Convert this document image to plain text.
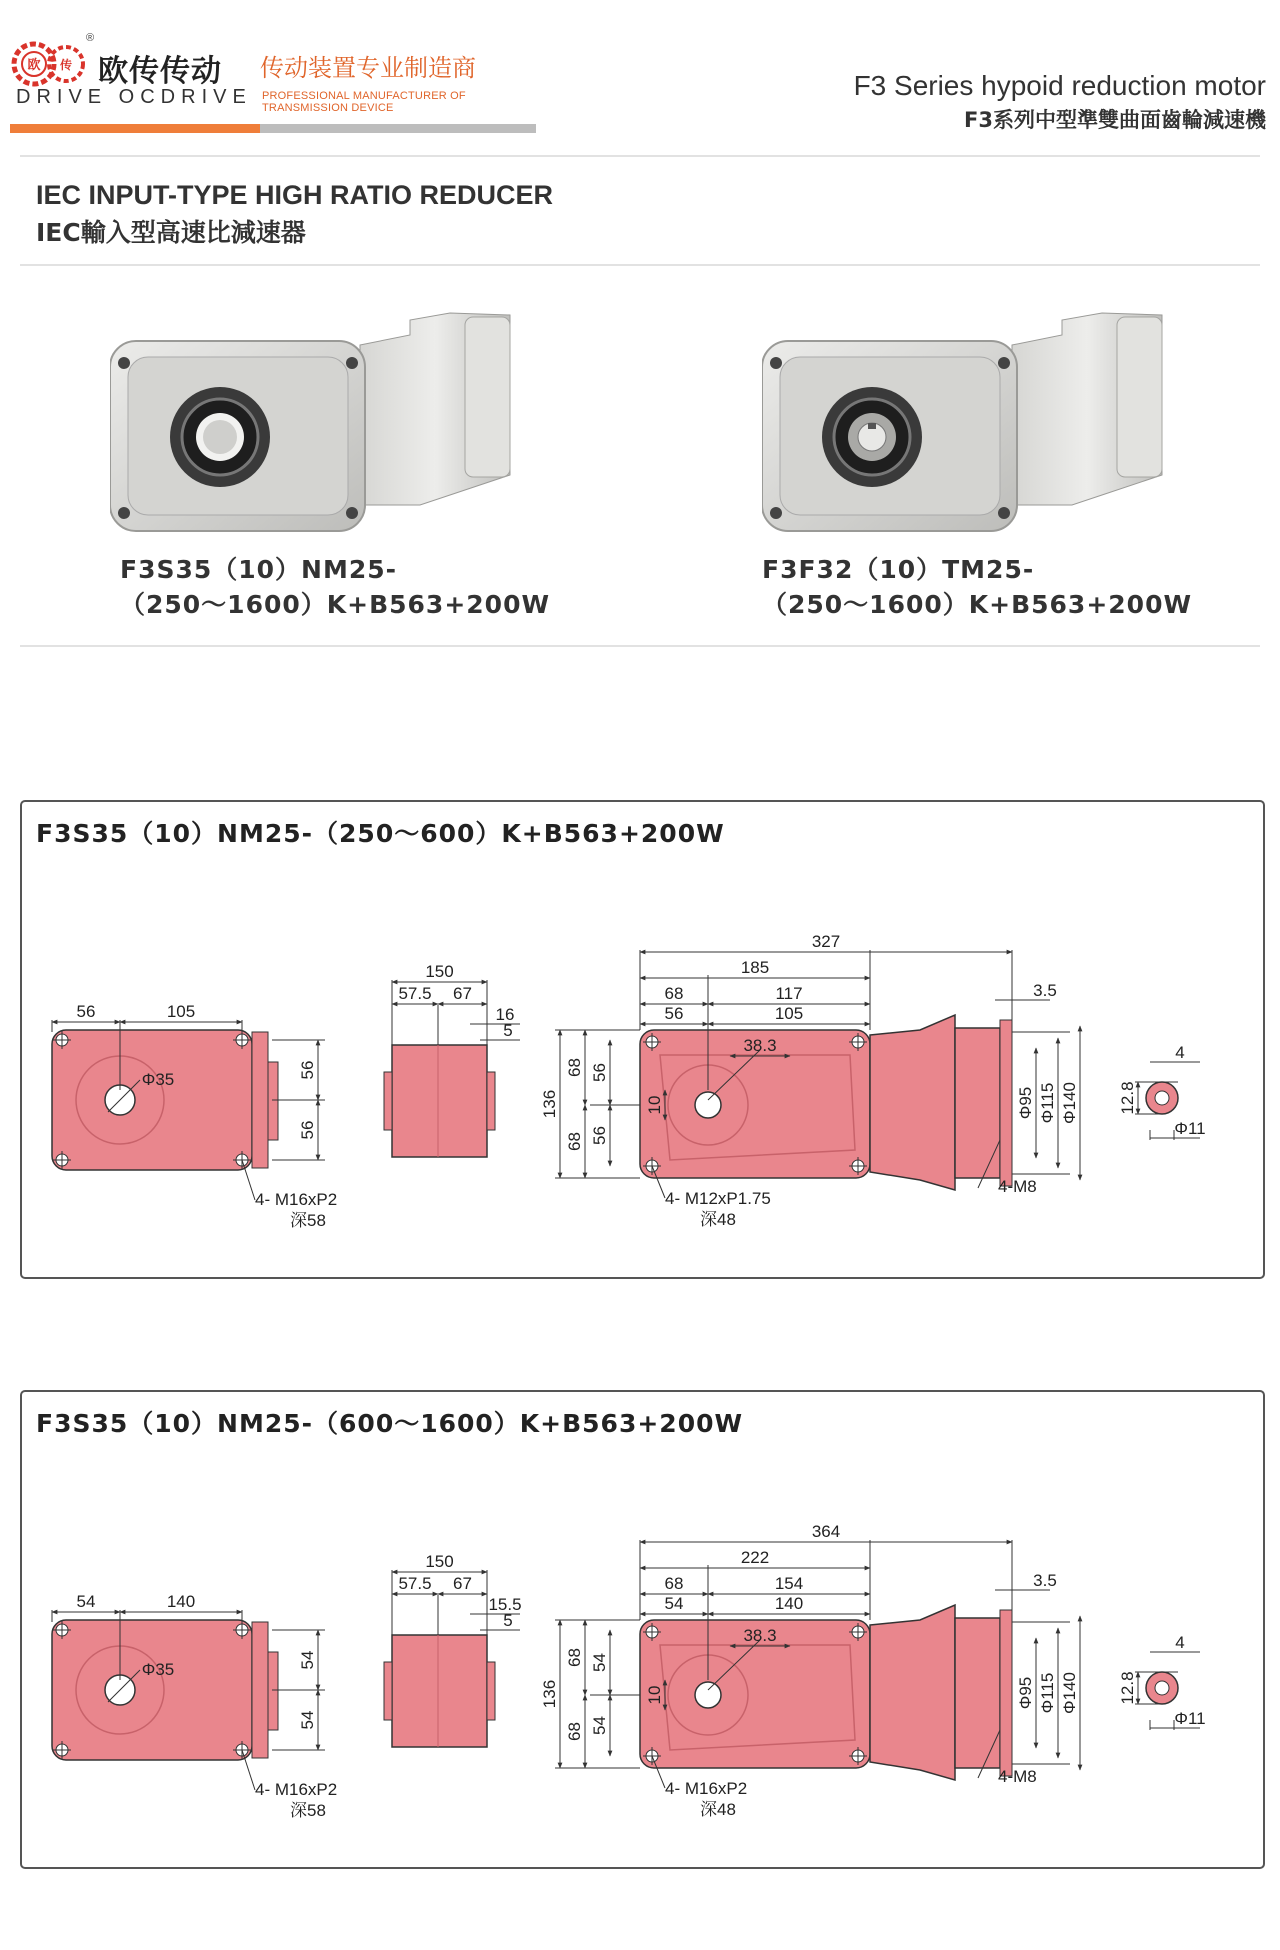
欧 传
®
欧传传动
DRIVE OCDRIVE
传动装置专业制造商
PROFESSIONAL MANUFACTURER OF TRANSMISSION DEVICE
F3 Series hypoid reduction motor
F3系列中型準雙曲面齒輪減速機
IEC INPUT-TYPE HIGH RATIO REDUCER
IEC輸入型高速比減速器
F3S35（10）NM25-
（250～1600）K+B563+200W
F3F32（10）TM25-
（250～1600）K+B563+200W
F3S35（10）NM25-（250～600）K+B563+200W
F3S35（10）NM25-（600～1600）K+B563+200W
Φ35
56	105
56
56
4- M16xP2
深58
150
57.5 67
16
5
327
185
68	117
56	105
3.5
38.3
136
68
68
56
56
10	Φ95 Φ115 Φ140
4- M12xP1.75
深48
4-M8
12.8
4
Φ11
Φ35
54	140
54
54
4- M16xP2
深58
150
57.5 67
15.5
5
364
222
68	154
54	140
3.5
38.3
136
68
68
54
54
10	Φ95 Φ115 Φ140
4- M16xP2
深48
4-M8
12.8
4
Φ11
